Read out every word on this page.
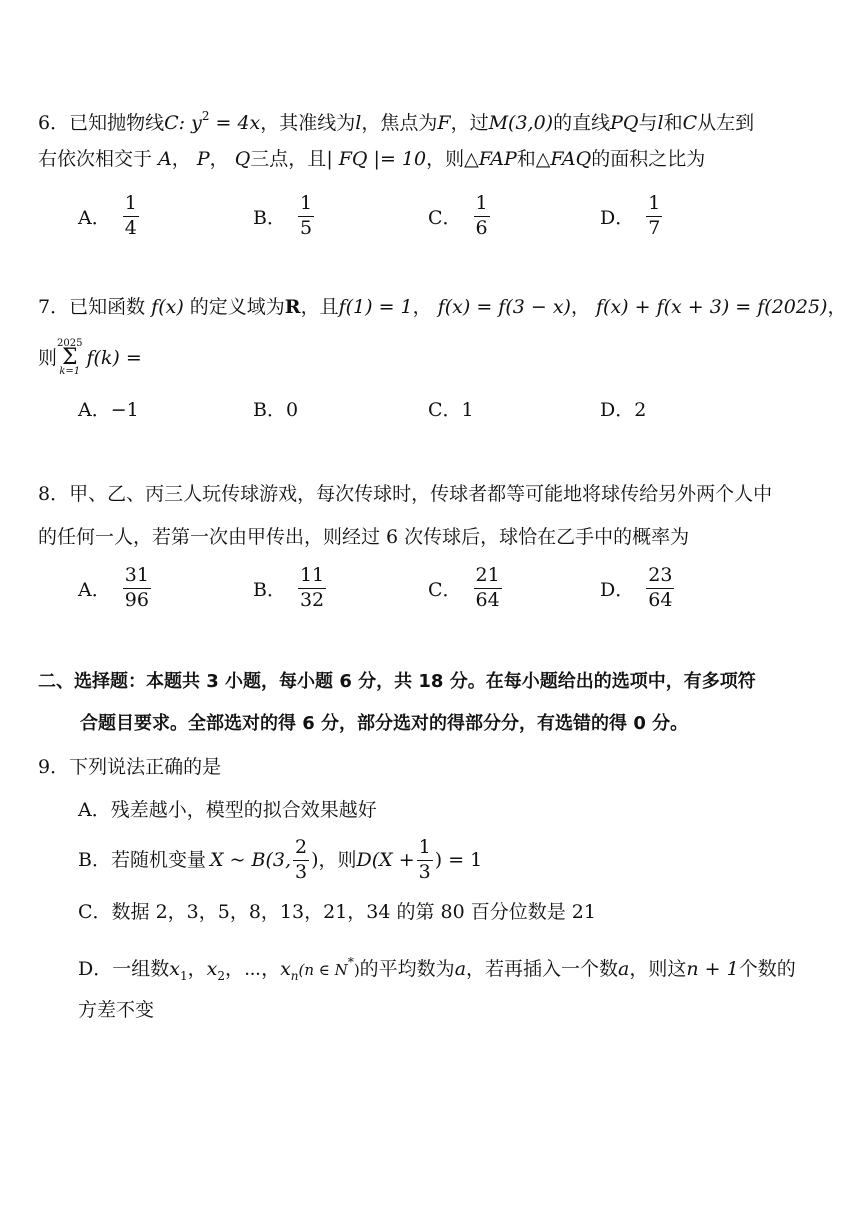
6．已知抛物线C: $y^2 = 4x$，其准线为l，焦点为F，过M(3,0)的直线PQ与l和C从左到
右依次相交于 A， P， Q三点，且| FQ |= 10，则△FAP和△FAQ的面积之比为
A． $\frac{1}{4}$	B． $\frac{1}{5}$	C． $\frac{1}{6}$	D． $\frac{1}{7}$
7．已知函数 f(x) 的定义域为R，且f(1) = 1， f(x) = f(3 − x)， f(x) + f(x + 3) = f(2025)，
则
2025
Σ
k=1
f(k) =
A．−1	B．0	C．1	D．2
8．甲、乙、丙三人玩传球游戏，每次传球时，传球者都等可能地将球传给另外两个人中
的任何一人，若第一次由甲传出，则经过 6 次传球后，球恰在乙手中的概率为
A． $\frac{31}{96}$	B． $\frac{11}{32}$	C． $\frac{21}{64}$	D． $\frac{23}{64}$
二、选择题：本题共 3 小题，每小题 6 分，共 18 分。在每小题给出的选项中，有多项符
合题目要求。全部选对的得 6 分，部分选对的得部分分，有选错的得 0 分。
9．下列说法正确的是
A．残差越小，模型的拟合效果越好
B．若随机变量 X ~ B(3, $\frac{2}{3}$ ) ，则 $D(X + \frac{1}{3}$ ) = 1
C．数据 2，3，5，8，13，21，34 的第 80 百分位数是 21
D．一组数$x_1$，$x_2$，⋯，$x_n(n$ ∈ N*)的平均数为a，若再插入一个数a，则这n + 1个数的
方差不变
